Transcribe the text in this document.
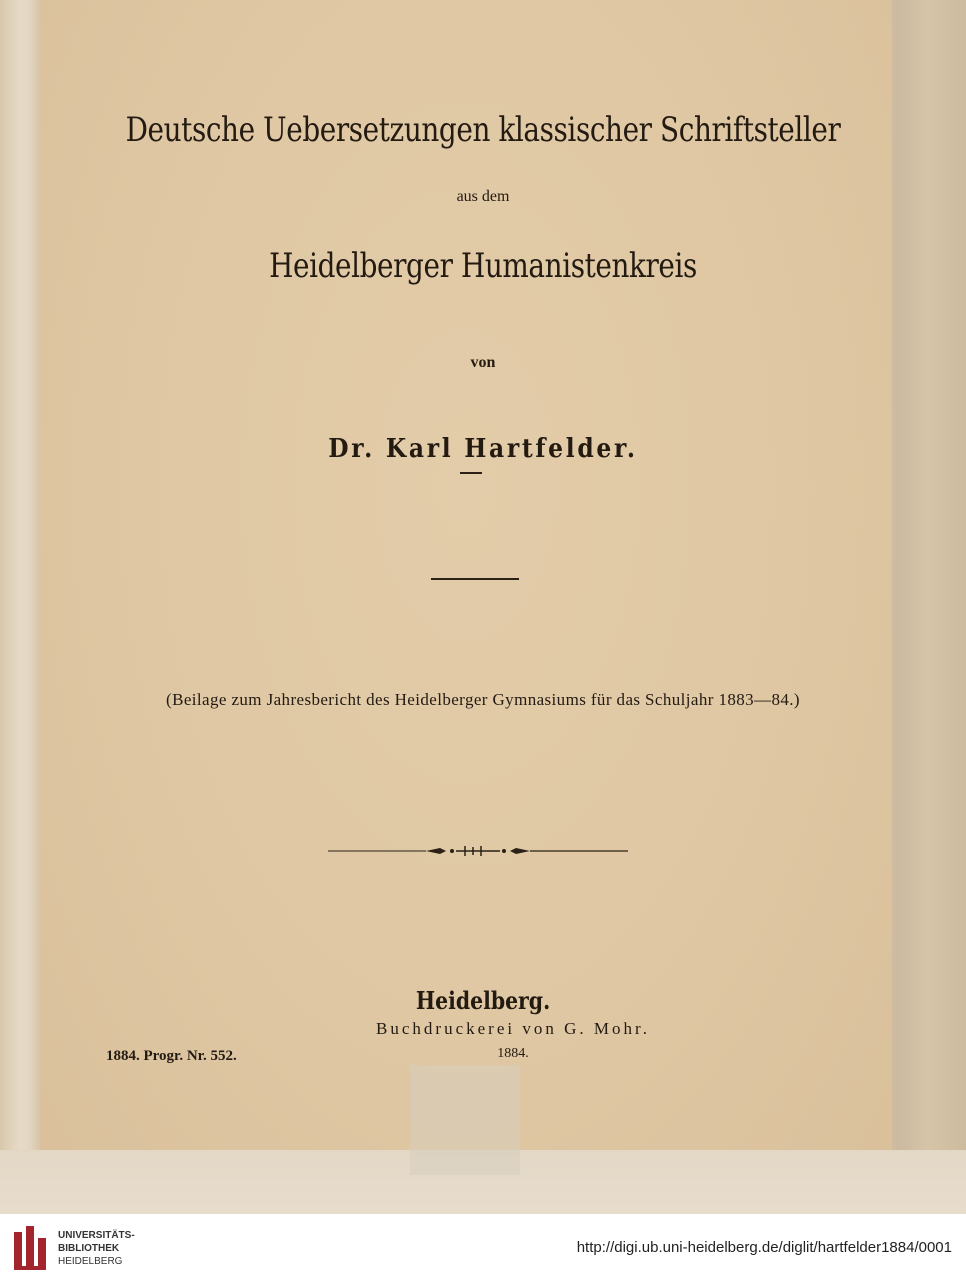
Deutsche Uebersetzungen klassischer Schriftsteller
aus dem
Heidelberger Humanistenkreis
von
Dr. Karl Hartfelder.
(Beilage zum Jahresbericht des Heidelberger Gymnasiums für das Schuljahr 1883—84.)
Heidelberg.
Buchdruckerei von G. Mohr.
1884.
1884. Progr. Nr. 552.
UNIVERSITÄTS-
BIBLIOTHEK
HEIDELBERG
http://digi.ub.uni-heidelberg.de/diglit/hartfelder1884/0001
